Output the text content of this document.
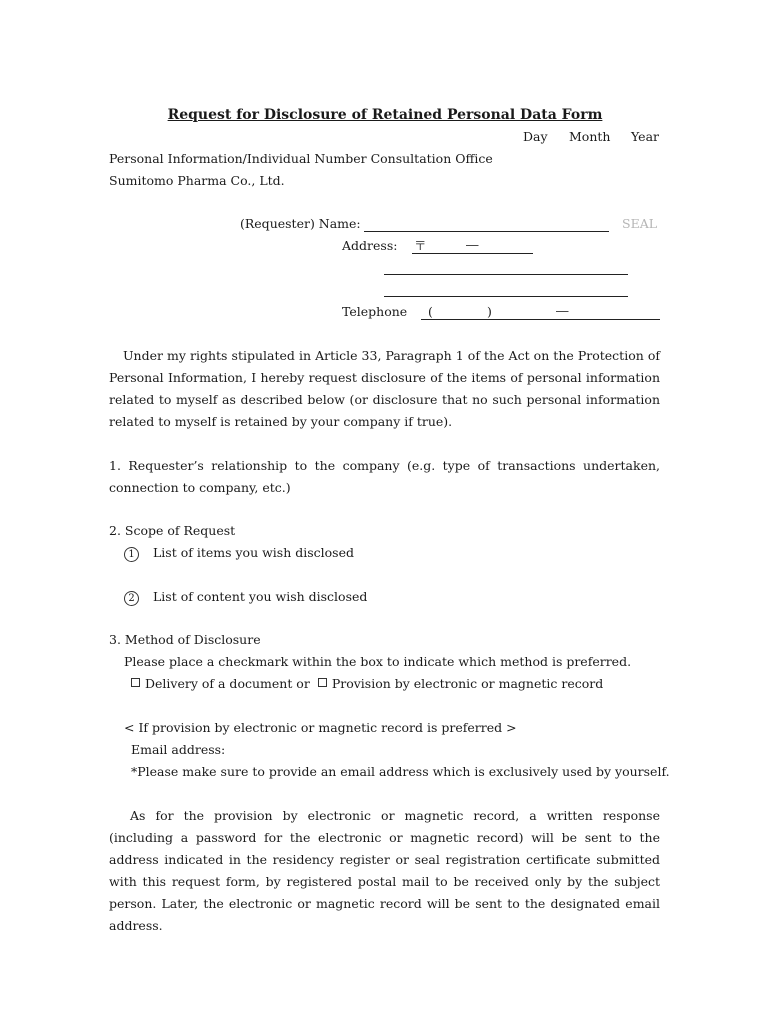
Request for Disclosure of Retained Personal Data Form
Day Month Year
Personal Information/Individual Number Consultation Office
Sumitomo Pharma Co., Ltd.
(Requester) Name:	SEAL
Address: 〒	―
Telephone (	)	―
Under my rights stipulated in Article 33, Paragraph 1 of the Act on the Protection of Personal Information, I hereby request disclosure of the items of personal information related to myself as described below (or disclosure that no such personal information related to myself is retained by your company if true).
1. Requester’s relationship to the company (e.g. type of transactions undertaken, connection to company, etc.)
2. Scope of Request
1 List of items you wish disclosed
2 List of content you wish disclosed
3. Method of Disclosure
Please place a checkmark within the box to indicate which method is preferred.
Delivery of a document or Provision by electronic or magnetic record
< If provision by electronic or magnetic record is preferred >
Email address:
*Please make sure to provide an email address which is exclusively used by yourself.
As for the provision by electronic or magnetic record, a written response (including a password for the electronic or magnetic record) will be sent to the address indicated in the residency register or seal registration certificate submitted with this request form, by registered postal mail to be received only by the subject person. Later, the electronic or magnetic record will be sent to the designated email address.
